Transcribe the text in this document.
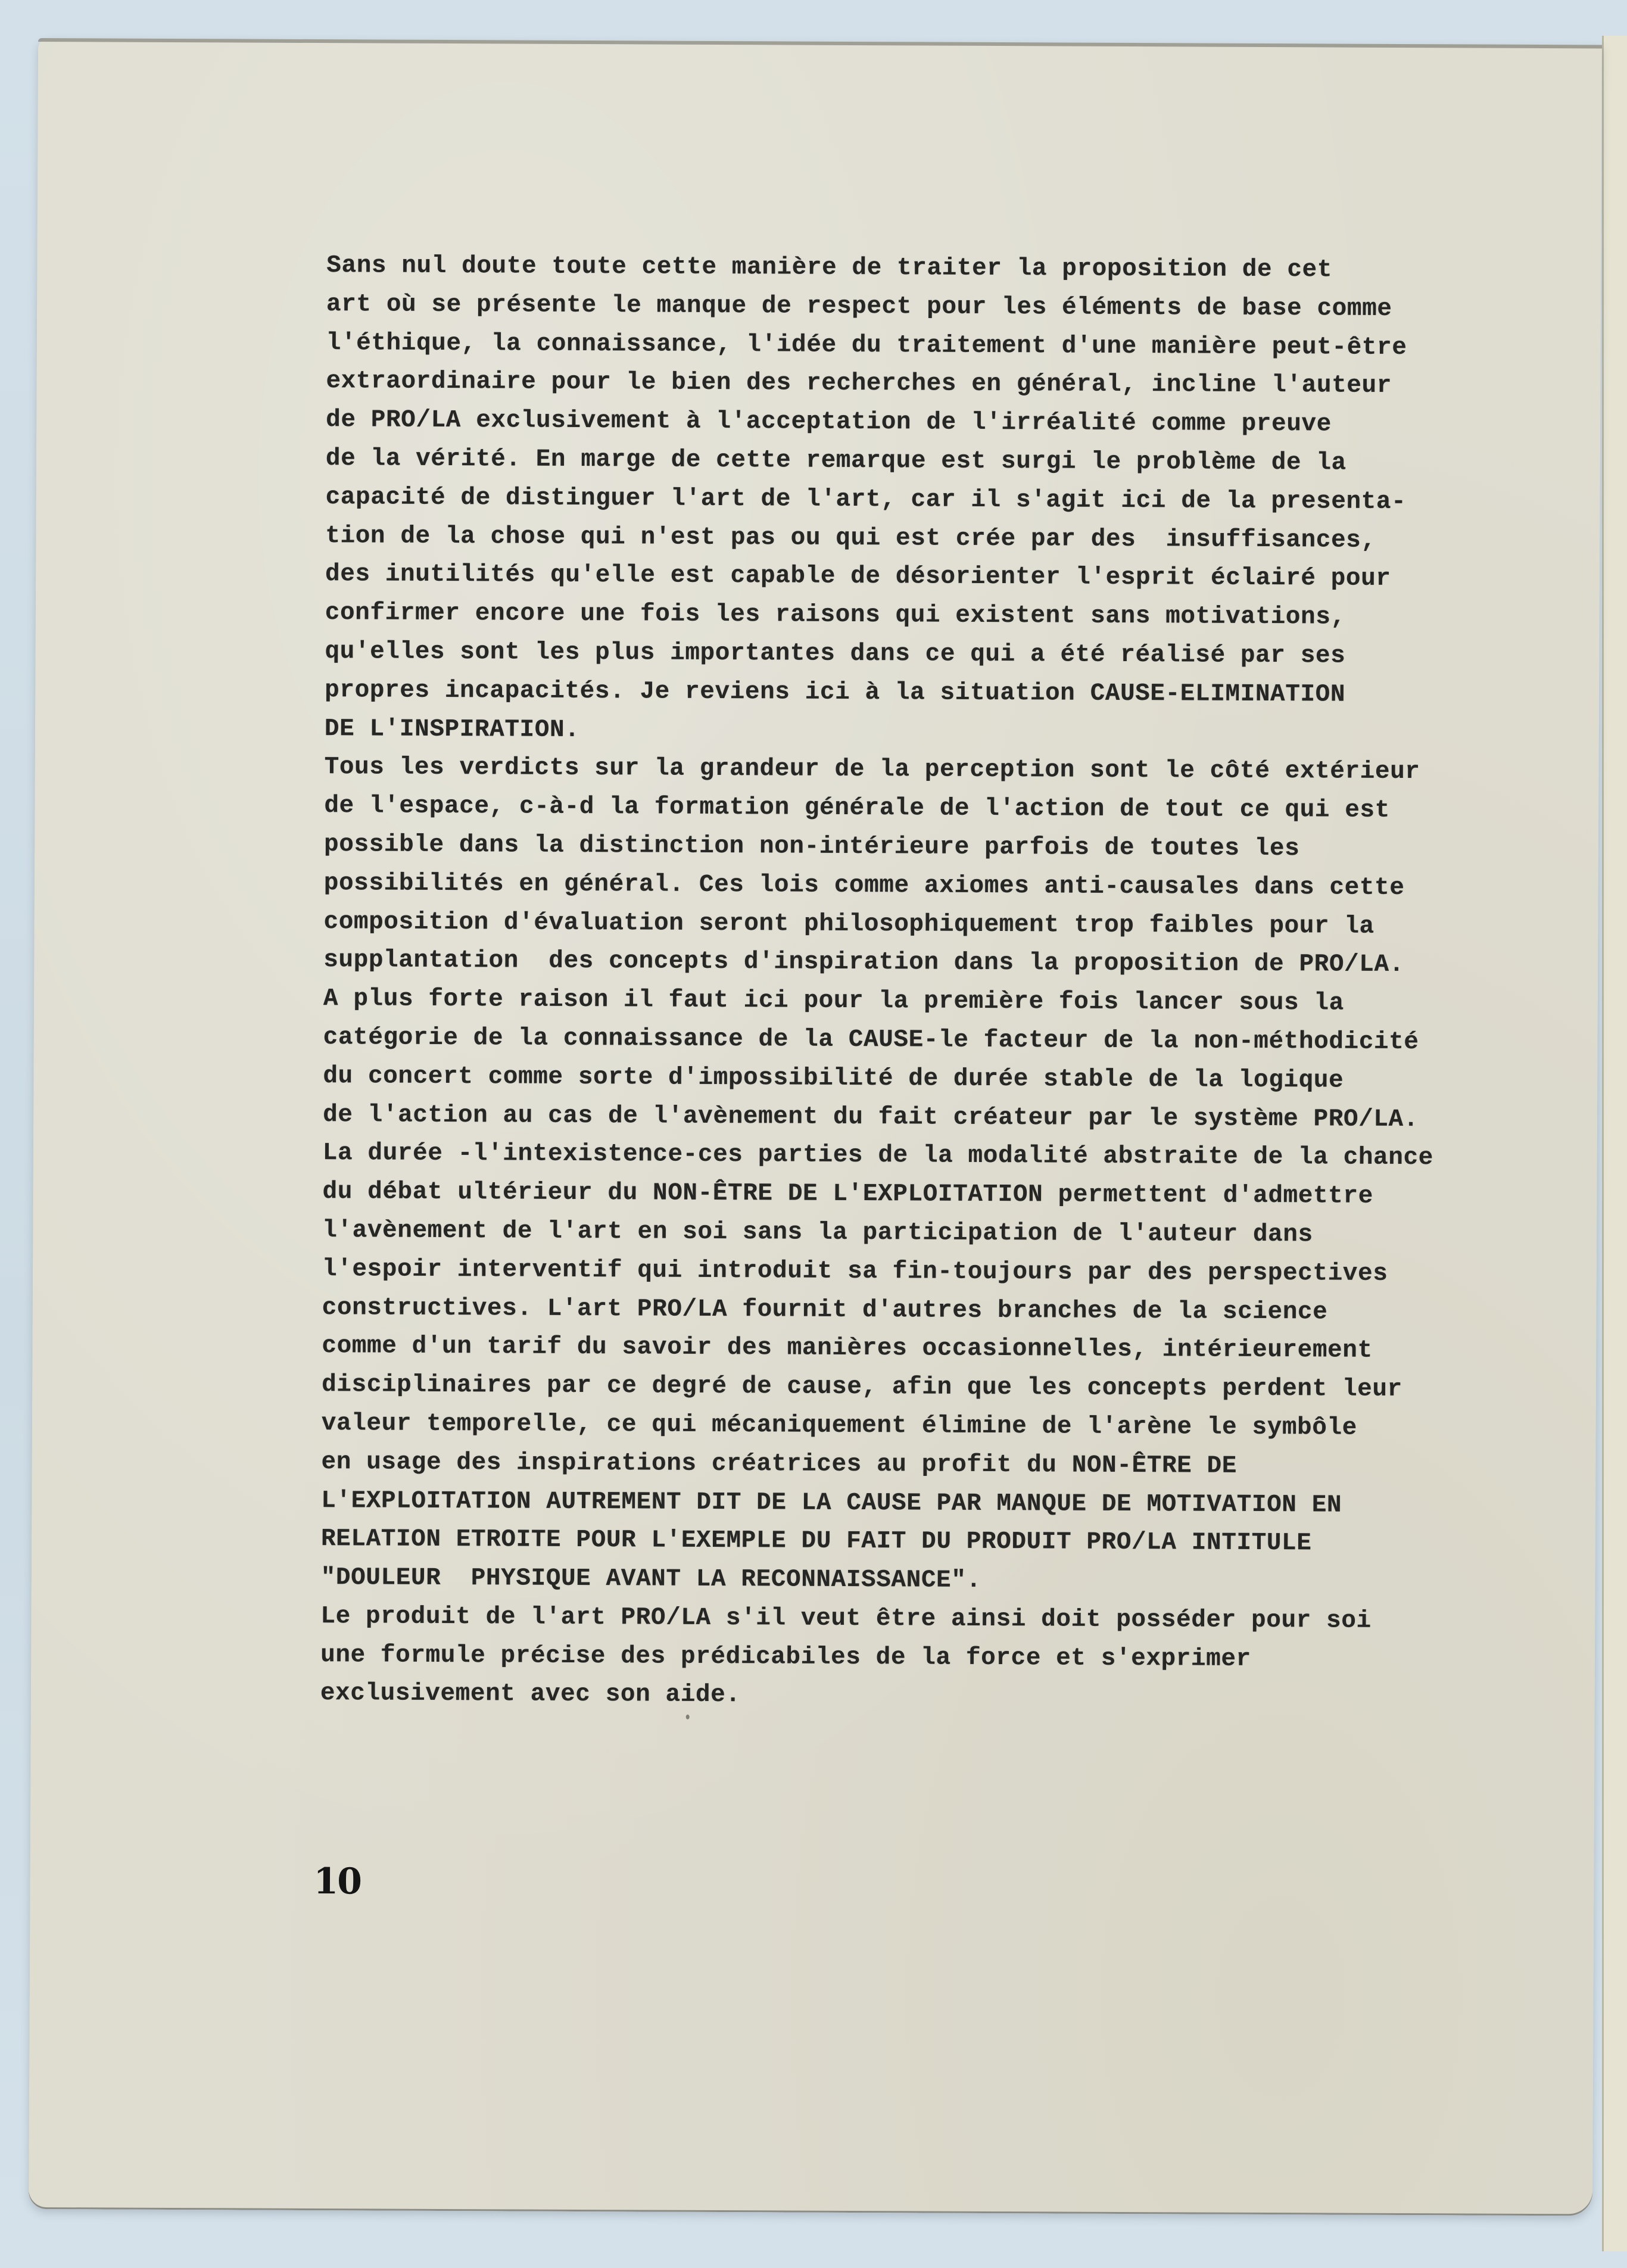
Sans nul doute toute cette manière de traiter la proposition de cet
art où se présente le manque de respect pour les éléments de base comme
l'éthique, la connaissance, l'idée du traitement d'une manière peut-être
extraordinaire pour le bien des recherches en général, incline l'auteur
de PRO/LA exclusivement à l'acceptation de l'irréalité comme preuve
de la vérité. En marge de cette remarque est surgi le problème de la
capacité de distinguer l'art de l'art, car il s'agit ici de la presenta-
tion de la chose qui n'est pas ou qui est crée par des  insuffisances,
des inutilités qu'elle est capable de désorienter l'esprit éclairé pour
confirmer encore une fois les raisons qui existent sans motivations,
qu'elles sont les plus importantes dans ce qui a été réalisé par ses
propres incapacités. Je reviens ici à la situation CAUSE-ELIMINATION
DE L'INSPIRATION.
Tous les verdicts sur la grandeur de la perception sont le côté extérieur
de l'espace, c-à-d la formation générale de l'action de tout ce qui est
possible dans la distinction non-intérieure parfois de toutes les
possibilités en général. Ces lois comme axiomes anti-causales dans cette
composition d'évaluation seront philosophiquement trop faibles pour la
supplantation  des concepts d'inspiration dans la proposition de PRO/LA.
A plus forte raison il faut ici pour la première fois lancer sous la
catégorie de la connaissance de la CAUSE-le facteur de la non-méthodicité
du concert comme sorte d'impossibilité de durée stable de la logique
de l'action au cas de l'avènement du fait créateur par le système PRO/LA.
La durée -l'intexistence-ces parties de la modalité abstraite de la chance
du débat ultérieur du NON-ÊTRE DE L'EXPLOITATION permettent d'admettre
l'avènement de l'art en soi sans la participation de l'auteur dans
l'espoir interventif qui introduit sa fin-toujours par des perspectives
constructives. L'art PRO/LA fournit d'autres branches de la science
comme d'un tarif du savoir des manières occasionnelles, intérieurement
disciplinaires par ce degré de cause, afin que les concepts perdent leur
valeur temporelle, ce qui mécaniquement élimine de l'arène le symbôle
en usage des inspirations créatrices au profit du NON-ÊTRE DE
L'EXPLOITATION AUTREMENT DIT DE LA CAUSE PAR MANQUE DE MOTIVATION EN
RELATION ETROITE POUR L'EXEMPLE DU FAIT DU PRODUIT PRO/LA INTITULE
"DOULEUR  PHYSIQUE AVANT LA RECONNAISSANCE".
Le produit de l'art PRO/LA s'il veut être ainsi doit posséder pour soi
une formule précise des prédicabiles de la force et s'exprimer
exclusivement avec son aide.
10
